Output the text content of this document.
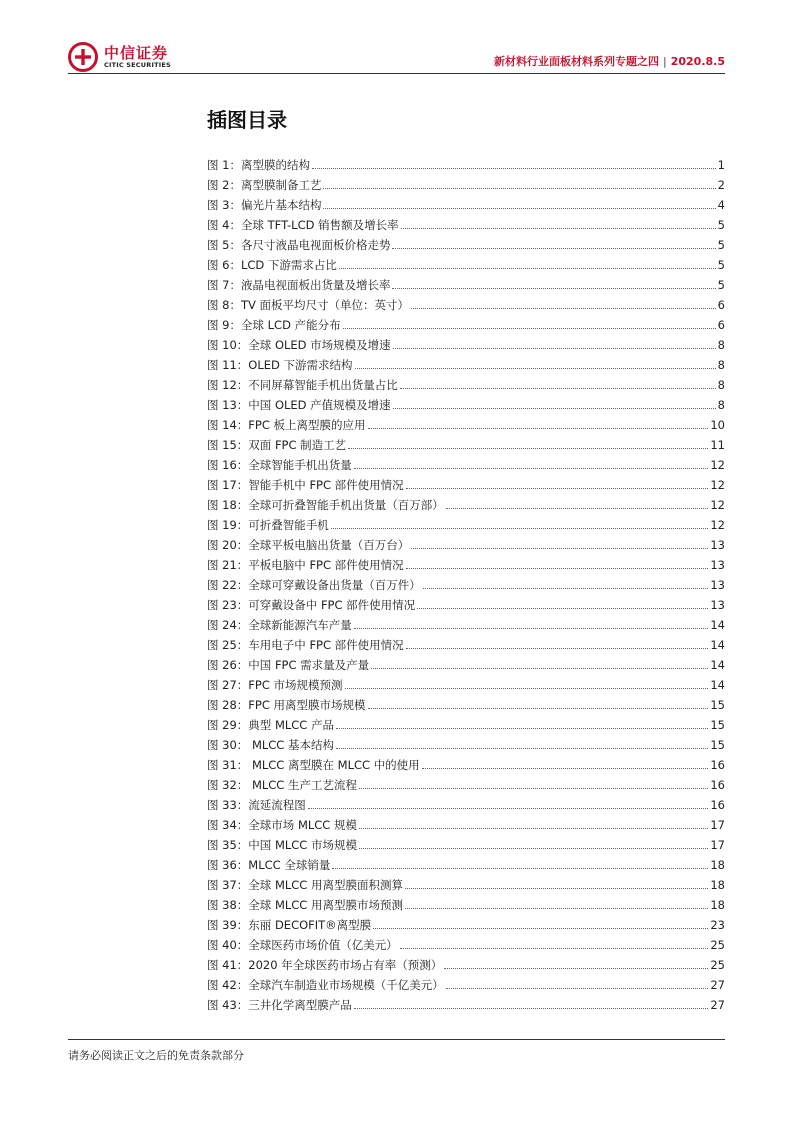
中信证券
CITIC SECURITIES	新材料行业面板材料系列专题之四 | 2020.8.5
插图目录
图 1：离型膜的结构	1
图 2：离型膜制备工艺	2
图 3：偏光片基本结构	4
图 4：全球 TFT-LCD 销售额及增长率	5
图 5：各尺寸液晶电视面板价格走势	5
图 6：LCD 下游需求占比	5
图 7：液晶电视面板出货量及增长率	5
图 8：TV 面板平均尺寸（单位：英寸）	6
图 9：全球 LCD 产能分布	6
图 10：全球 OLED 市场规模及增速	8
图 11：OLED 下游需求结构	8
图 12：不同屏幕智能手机出货量占比	8
图 13：中国 OLED 产值规模及增速	8
图 14：FPC 板上离型膜的应用	10
图 15：双面 FPC 制造工艺	11
图 16：全球智能手机出货量	12
图 17：智能手机中 FPC 部件使用情况	12
图 18：全球可折叠智能手机出货量（百万部）	12
图 19：可折叠智能手机	12
图 20：全球平板电脑出货量（百万台）	13
图 21：平板电脑中 FPC 部件使用情况	13
图 22：全球可穿戴设备出货量（百万件）	13
图 23：可穿戴设备中 FPC 部件使用情况	13
图 24：全球新能源汽车产量	14
图 25：车用电子中 FPC 部件使用情况	14
图 26：中国 FPC 需求量及产量	14
图 27：FPC 市场规模预测	14
图 28：FPC 用离型膜市场规模	15
图 29：典型 MLCC 产品	15
图 30： MLCC 基本结构	15
图 31： MLCC 离型膜在 MLCC 中的使用	16
图 32： MLCC 生产工艺流程	16
图 33：流延流程图	16
图 34：全球市场 MLCC 规模	17
图 35：中国 MLCC 市场规模	17
图 36：MLCC 全球销量	18
图 37：全球 MLCC 用离型膜面积测算	18
图 38：全球 MLCC 用离型膜市场预测	18
图 39：东丽 DECOFIT®离型膜	23
图 40：全球医药市场价值（亿美元）	25
图 41：2020 年全球医药市场占有率（预测）	25
图 42：全球汽车制造业市场规模（千亿美元）	27
图 43：三井化学离型膜产品	27
请务必阅读正文之后的免责条款部分
